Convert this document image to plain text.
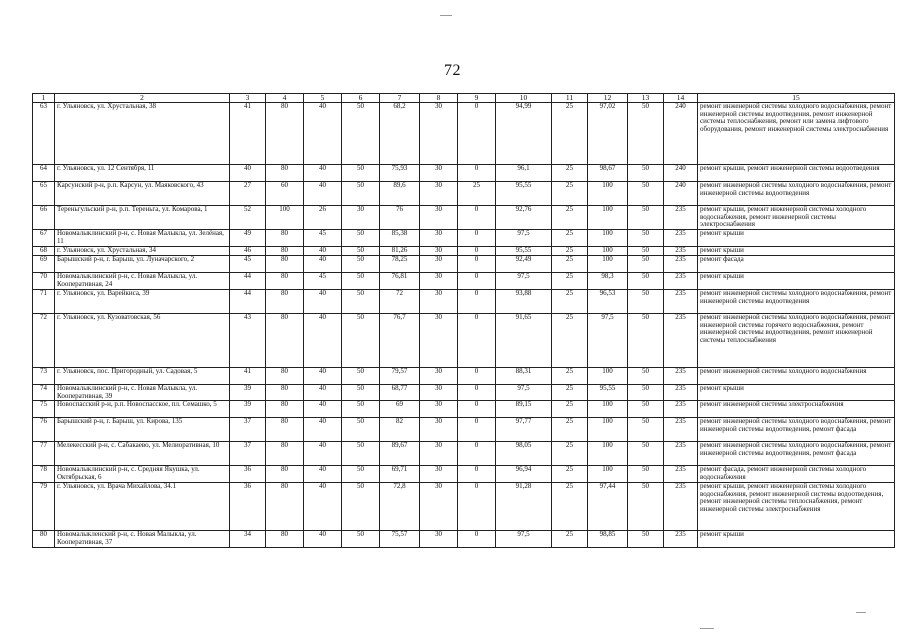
72
1	2	3	4	5	6	7	8	9	10	11	12	13	14	15
63	г. Ульяновск, ул. Хрустальная, 38	41	80	40	50	68,2	30	0	94,99	25	97,02	50	240	ремонт инженерной системы холодного водоснабжения, ремонт инженерной системы водоотведения, ремонт инженерной системы теплоснабжения, ремонт или замена лифтового оборудования, ремонт инженерной системы электроснабжения
64	г. Ульяновск, ул. 12 Сентября, 11	40	80	40	50	75,93	30	0	96,1	25	98,67	50	240	ремонт крыши, ремонт инженерной системы водоотведения
65	Карсунский р-н, р.п. Карсун, ул. Маяковского, 43	27	60	40	50	89,6	30	25	95,55	25	100	50	240	ремонт инженерной системы холодного водоснабжения, ремонт инженерной системы водоотведения
66	Тереньгульский р-н, р.п. Тереньга, ул. Комарова, 1	52	100	26	30	76	30	0	92,76	25	100	50	235	ремонт крыши, ремонт инженерной системы холодного водоснабжения, ремонт инженерной системы электроснабжения
67	Новомалыклинский р-н, с. Новая Малыкла, ул. Зелёная, 11	49	80	45	50	85,38	30	0	97,5	25	100	50	235	ремонт крыши
68	г. Ульяновск, ул. Хрустальная, 34	46	80	40	50	81,26	30	0	95,55	25	100	50	235	ремонт крыши
69	Барышский р-н, г. Барыш, ул. Луначарского, 2	45	80	40	50	78,25	30	0	92,49	25	100	50	235	ремонт фасада
70	Новомалыклинский р-н, с. Новая Малыкла, ул. Кооперативная, 24	44	80	45	50	76,81	30	0	97,5	25	98,3	50	235	ремонт крыши
71	г. Ульяновск, ул. Варейкиса, 39	44	80	40	50	72	30	0	93,88	25	96,53	50	235	ремонт инженерной системы холодного водоснабжения, ремонт инженерной системы водоотведения
72	г. Ульяновск, ул. Кузоватовская, 56	43	80	40	50	76,7	30	0	91,65	25	97,5	50	235	ремонт инженерной системы холодного водоснабжения, ремонт инженерной системы горячего водоснабжения, ремонт инженерной системы водоотведения, ремонт инженерной системы теплоснабжения
73	г. Ульяновск, пос. Пригородный, ул. Садовая, 5	41	80	40	50	79,57	30	0	88,31	25	100	50	235	ремонт инженерной системы холодного водоснабжения
74	Новомалыклинский р-н, с. Новая Малыкла, ул. Кооперативная, 39	39	80	40	50	68,77	30	0	97,5	25	95,55	50	235	ремонт крыши
75	Новоспасский р-н, р.п. Новоспасское, пл. Семашко, 5	39	80	40	50	69	30	0	89,15	25	100	50	235	ремонт инженерной системы электроснабжения
76	Барышский р-н, г. Барыш, ул. Кирова, 135	37	80	40	50	82	30	0	97,77	25	100	50	235	ремонт инженерной системы холодного водоснабжения, ремонт инженерной системы водоотведения, ремонт фасада
77	Мелекесский р-н, с. Сабакаево, ул. Мелиоративная, 10	37	80	40	50	89,67	30	0	98,05	25	100	50	235	ремонт инженерной системы холодного водоснабжения, ремонт инженерной системы водоотведения, ремонт фасада
78	Новомалыклинский р-н, с. Средняя Якушка, ул. Октябрьская, 6	36	80	40	50	69,71	30	0	96,94	25	100	50	235	ремонт фасада, ремонт инженерной системы холодного водоснабжения
79	г. Ульяновск, ул. Врача Михайлова, 34.1	36	80	40	50	72,8	30	0	91,28	25	97,44	50	235	ремонт крыши, ремонт инженерной системы холодного водоснабжения, ремонт инженерной системы водоотведения, ремонт инженерной системы теплоснабжения, ремонт инженерной системы электроснабжения
80	Новомалыкленский р-н, с. Новая Малыкла, ул. Кооперативная, 37	34	80	40	50	75,57	30	0	97,5	25	98,85	50	235	ремонт крыши
